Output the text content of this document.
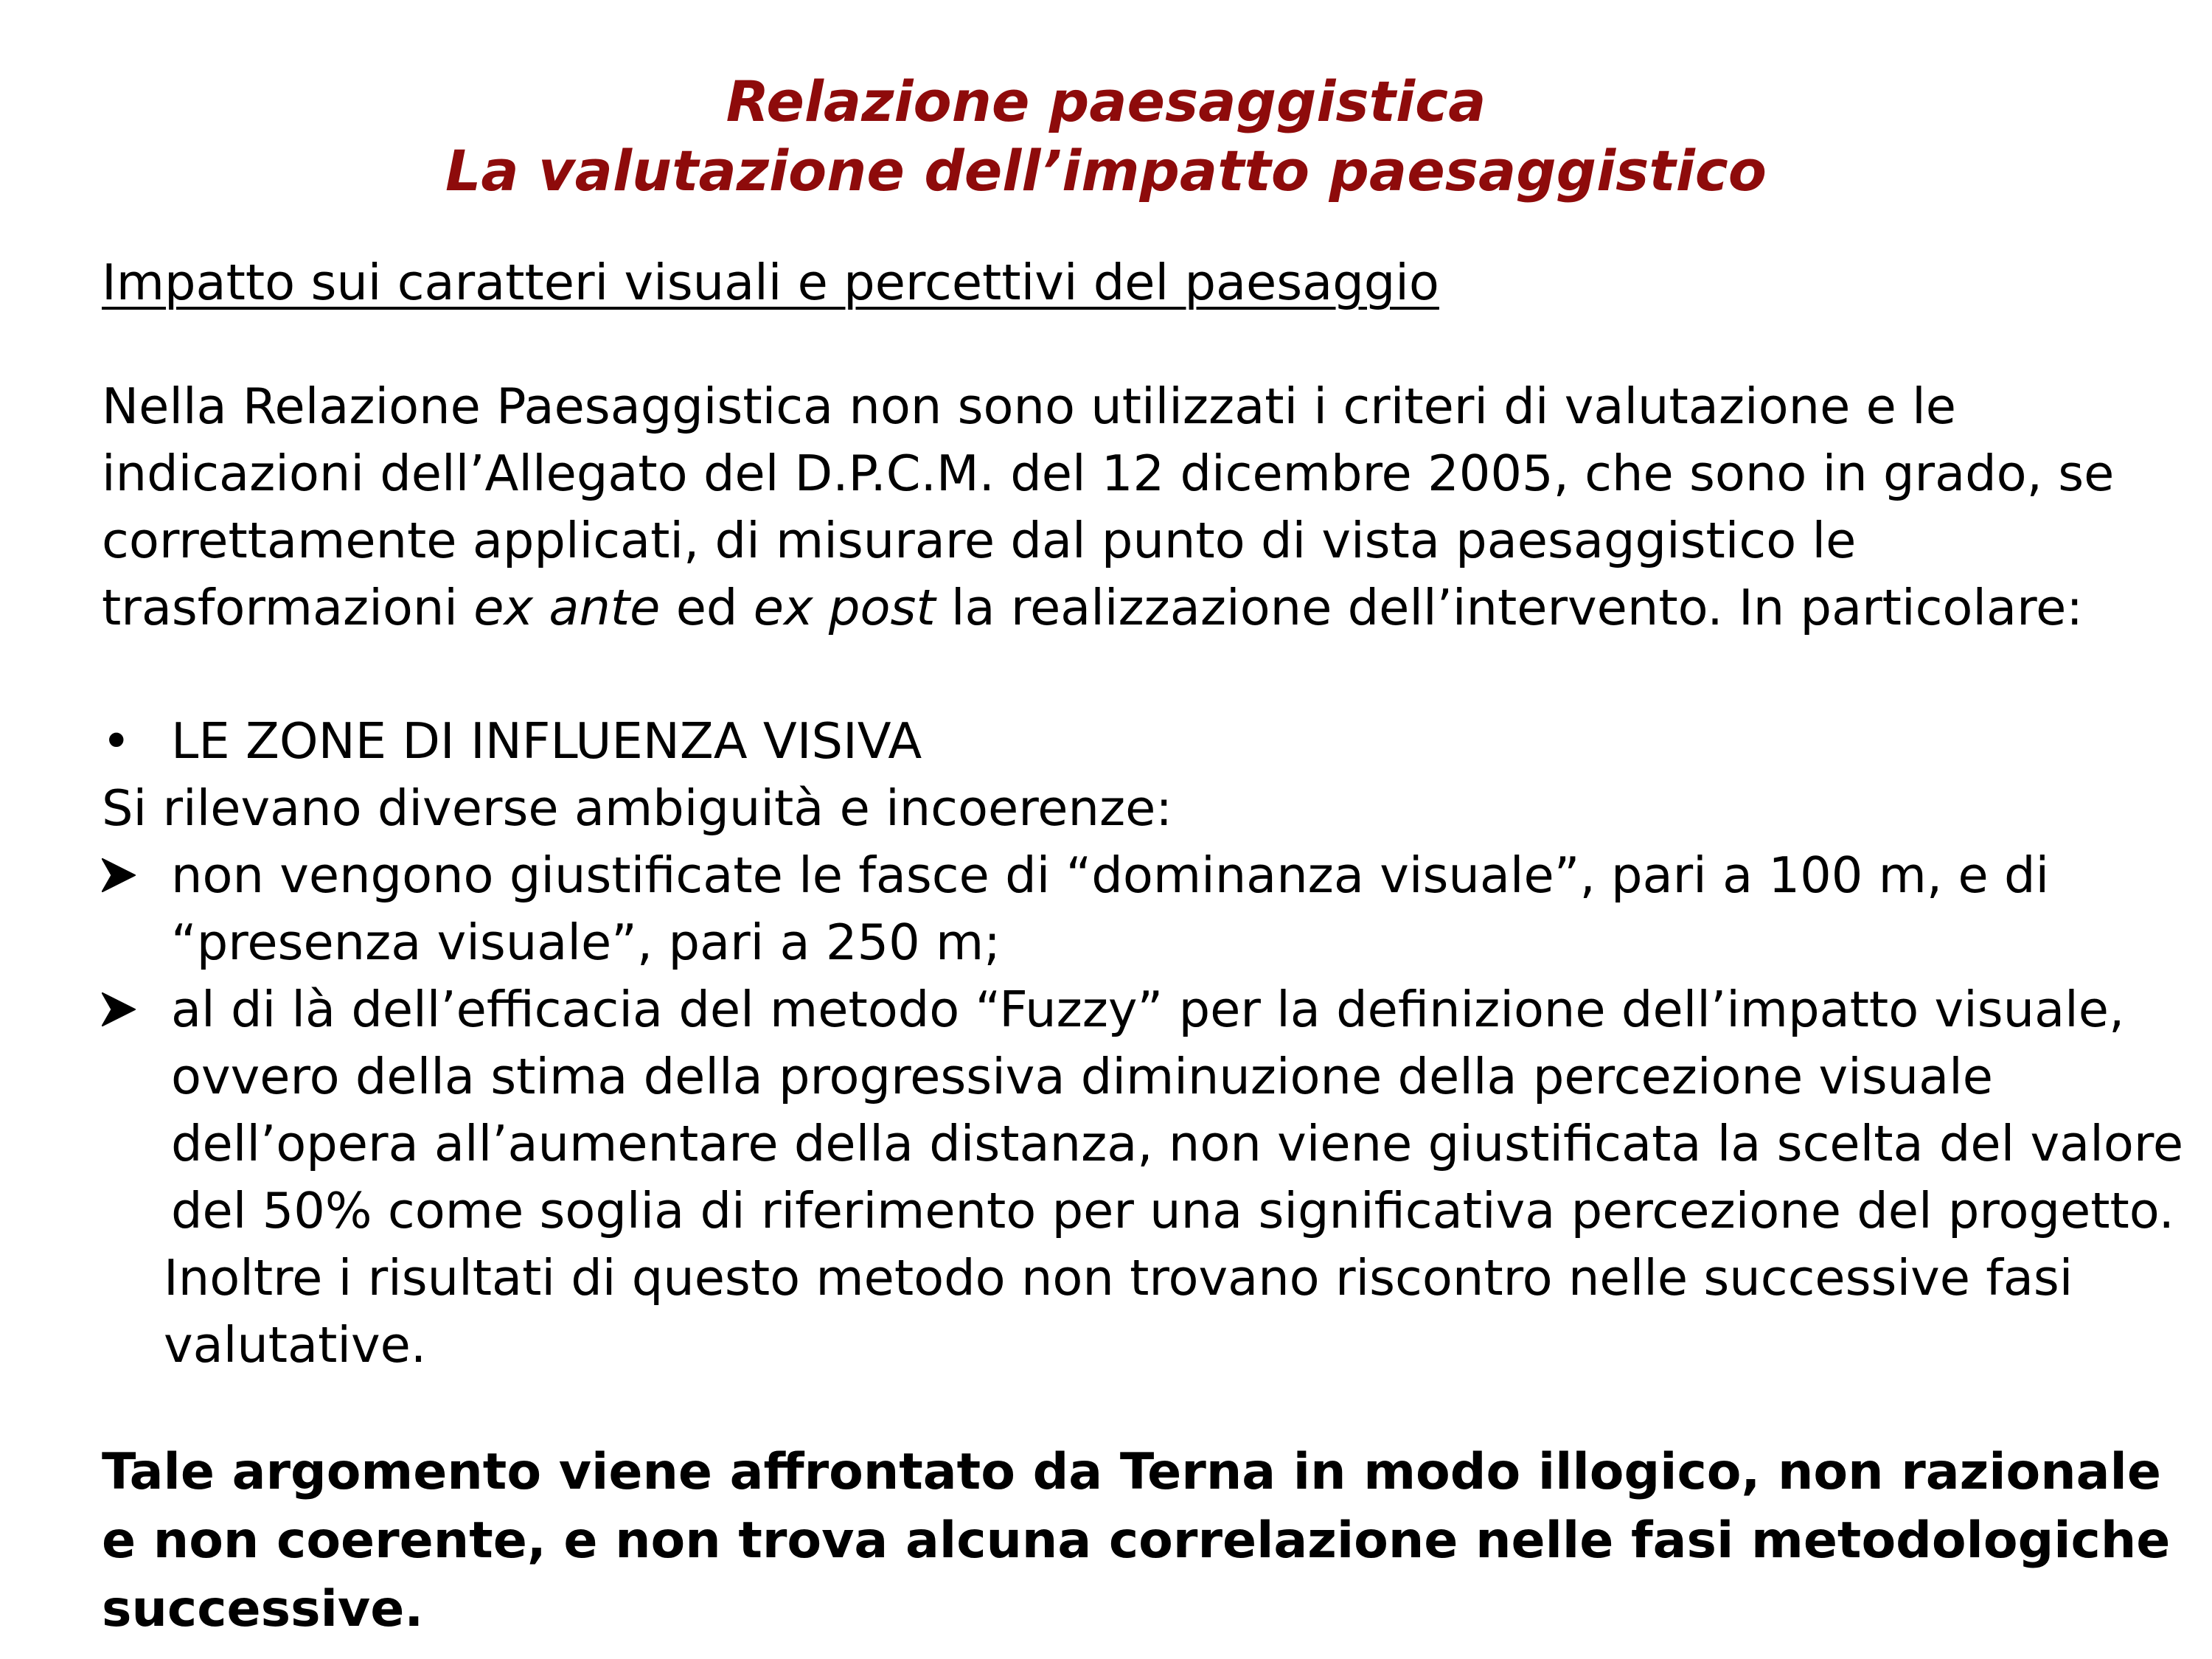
Relazione paesaggistica
La valutazione dell’impatto paesaggistico
Impatto sui caratteri visuali e percettivi del paesaggio
Nella Relazione Paesaggistica non sono utilizzati i criteri di valutazione e le
indicazioni dell’Allegato del D.P.C.M. del 12 dicembre 2005, che sono in grado, se
correttamente applicati, di misurare dal punto di vista paesaggistico le
trasformazioni ex ante ed ex post la realizzazione dell’intervento. In particolare:
• LE ZONE DI INFLUENZA VISIVA
Si rilevano diverse ambiguità e incoerenze:
non vengono giustificate le fasce di “dominanza visuale”, pari a 100 m, e di
“presenza visuale”, pari a 250 m;
al di là dell’efficacia del metodo “Fuzzy” per la definizione dell’impatto visuale,
ovvero della stima della progressiva diminuzione della percezione visuale
dell’opera all’aumentare della distanza, non viene giustificata la scelta del valore
del 50% come soglia di riferimento per una significativa percezione del progetto.
Inoltre i risultati di questo metodo non trovano riscontro nelle successive fasi
valutative.
Tale argomento viene affrontato da Terna in modo illogico, non razionale
e non coerente, e non trova alcuna correlazione nelle fasi metodologiche
successive.
